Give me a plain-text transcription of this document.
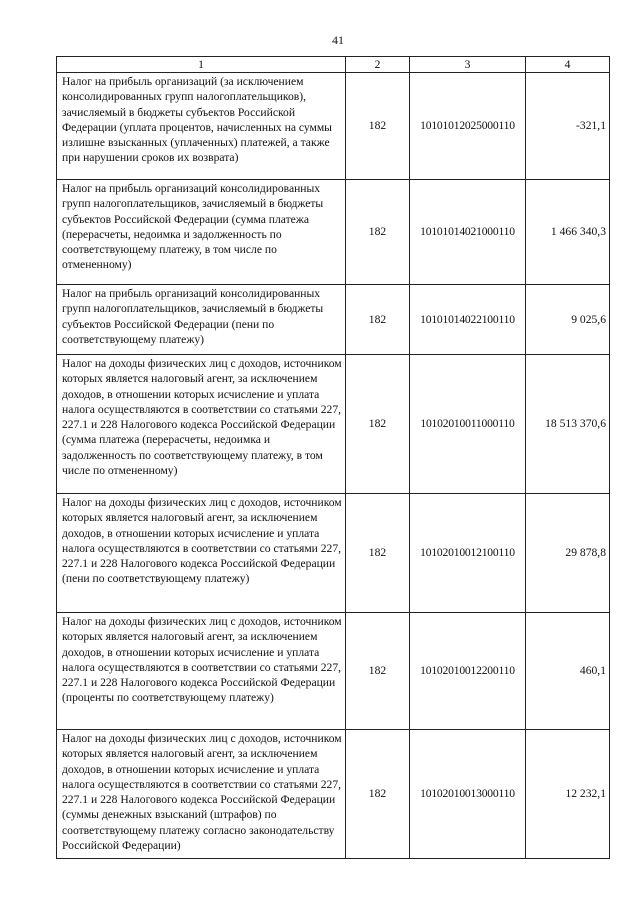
41
1	2	3	4
Налог на прибыль организаций (за исключением консолидированных групп налогоплательщиков), зачисляемый в бюджеты субъектов Российской Федерации (уплата процентов, начисленных на суммы излишне взысканных (уплаченных) платежей, а также при нарушении сроков их возврата)	182	10101012025000110	-321,1
Налог на прибыль организаций консолидированных групп налогоплательщиков, зачисляемый в бюджеты субъектов Российской Федерации (сумма платежа (перерасчеты, недоимка и задолженность по соответствующему платежу, в том числе по отмененному)	182	10101014021000110	1 466 340,3
Налог на прибыль организаций консолидированных групп налогоплательщиков, зачисляемый в бюджеты субъектов Российской Федерации (пени по соответствующему платежу)	182	10101014022100110	9 025,6
Налог на доходы физических лиц с доходов, источником которых является налоговый агент, за исключением доходов, в отношении которых исчисление и уплата налога осуществляются в соответствии со статьями 227, 227.1 и 228 Налогового кодекса Российской Федерации (сумма платежа (перерасчеты, недоимка и задолженность по соответствующему платежу, в том числе по отмененному)	182	10102010011000110	18 513 370,6
Налог на доходы физических лиц с доходов, источником которых является налоговый агент, за исключением доходов, в отношении которых исчисление и уплата налога осуществляются в соответствии со статьями 227, 227.1 и 228 Налогового кодекса Российской Федерации (пени по соответствующему платежу)	182	10102010012100110	29 878,8
Налог на доходы физических лиц с доходов, источником которых является налоговый агент, за исключением доходов, в отношении которых исчисление и уплата налога осуществляются в соответствии со статьями 227, 227.1 и 228 Налогового кодекса Российской Федерации (проценты по соответствующему платежу)	182	10102010012200110	460,1
Налог на доходы физических лиц с доходов, источником которых является налоговый агент, за исключением доходов, в отношении которых исчисление и уплата налога осуществляются в соответствии со статьями 227, 227.1 и 228 Налогового кодекса Российской Федерации (суммы денежных взысканий (штрафов) по соответствующему платежу согласно законодательству Российской Федерации)	182	10102010013000110	12 232,1
